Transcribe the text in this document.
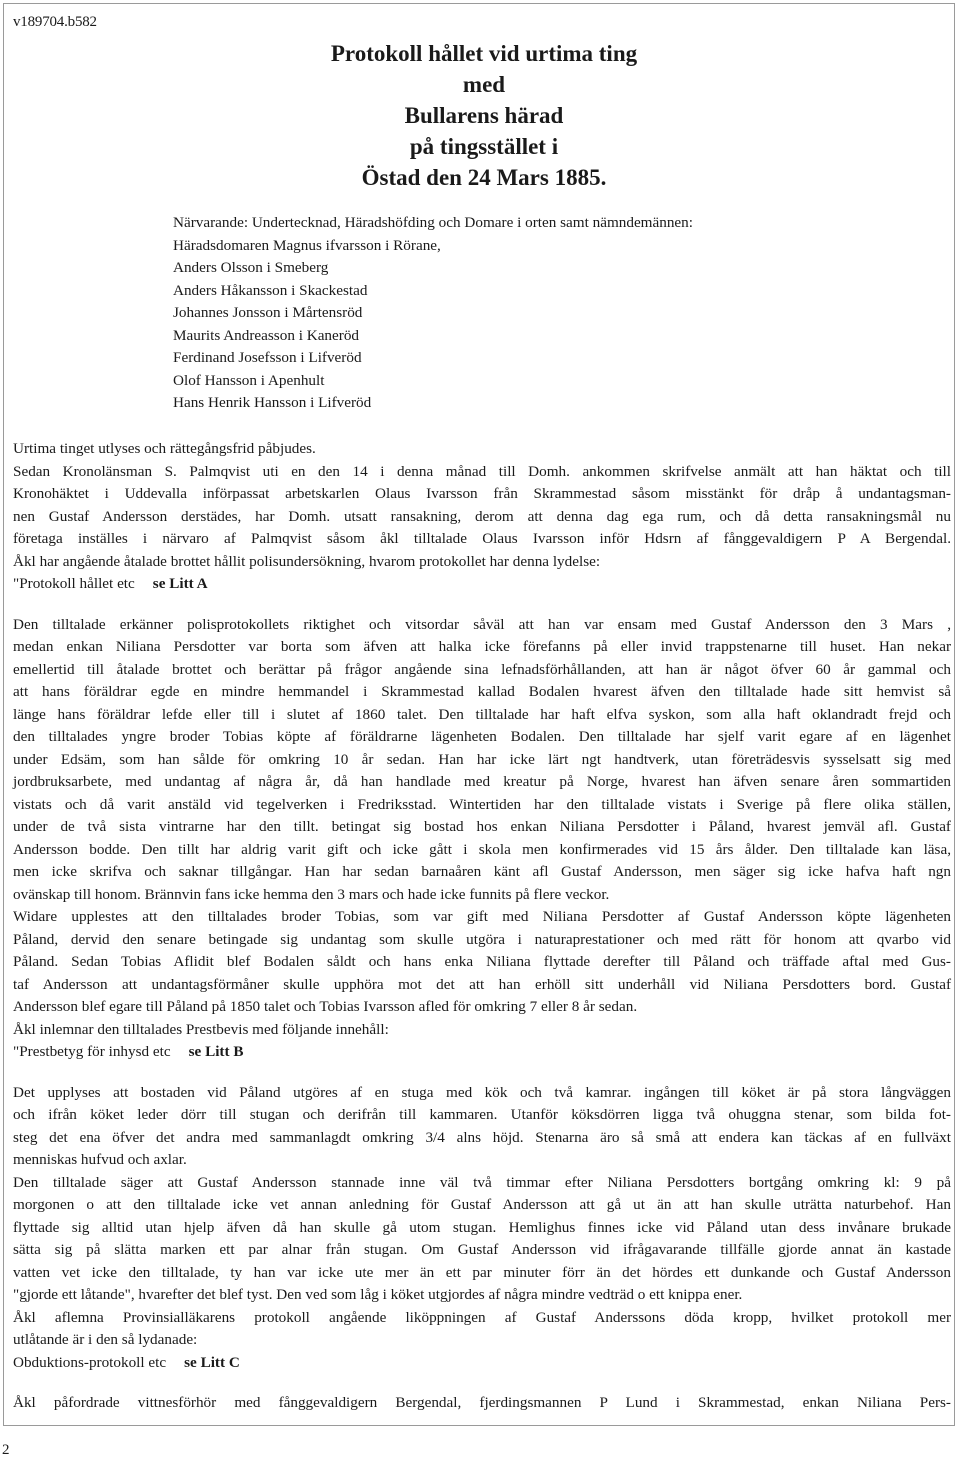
v189704.b582
Protokoll hållet vid urtima ting
med
Bullarens härad
på tingsstället i
Östad den 24 Mars 1885.
Närvarande: Undertecknad, Häradshöfding och Domare i orten samt nämndemännen:
Häradsdomaren Magnus ifvarsson i Rörane,
Anders Olsson i Smeberg
Anders Håkansson i Skackestad
Johannes Jonsson i Mårtensröd
Maurits Andreasson i Kaneröd
Ferdinand Josefsson i Lifveröd
Olof Hansson i Apenhult
Hans Henrik Hansson i Lifveröd
Urtima tinget utlyses och rättegångsfrid påbjudes.
Sedan Kronolänsman S. Palmqvist uti en den 14 i denna månad till Domh. ankommen skrifvelse anmält att han häktat och till
Kronohäktet i Uddevalla införpassat arbetskarlen Olaus Ivarsson från Skrammestad såsom misstänkt för dråp å undantagsman-
nen Gustaf Andersson derstädes, har Domh. utsatt ransakning, derom att denna dag ega rum, och då detta ransakningsmål nu
företaga inställes i närvaro af Palmqvist såsom åkl tilltalade Olaus Ivarsson inför Hdsrn af fånggevaldigern P A Bergendal.
Åkl har angående åtalade brottet hållit polisundersökning, hvarom protokollet har denna lydelse:
"Protokoll hållet etc se Litt A
Den tilltalade erkänner polisprotokollets riktighet och vitsordar såväl att han var ensam med Gustaf Andersson den 3 Mars ,
medan enkan Niliana Persdotter var borta som äfven att halka icke förefanns på eller invid trappstenarne till huset. Han nekar
emellertid till åtalade brottet och berättar på frågor angående sina lefnadsförhållanden, att han är något öfver 60 år gammal och
att hans föräldrar egde en mindre hemmandel i Skrammestad kallad Bodalen hvarest äfven den tilltalade hade sitt hemvist så
länge hans föräldrar lefde eller till i slutet af 1860 talet. Den tilltalade har haft elfva syskon, som alla haft oklandradt frejd och
den tilltalades yngre broder Tobias köpte af föräldrarne lägenheten Bodalen. Den tilltalade har sjelf varit egare af en lägenhet
under Edsäm, som han sålde för omkring 10 år sedan. Han har icke lärt ngt handtverk, utan företrädesvis sysselsatt sig med
jordbruksarbete, med undantag af några år, då han handlade med kreatur på Norge, hvarest han äfven senare åren sommartiden
vistats och då varit anstäld vid tegelverken i Fredriksstad. Wintertiden har den tilltalade vistats i Sverige på flere olika ställen,
under de två sista vintrarne har den tillt. betingat sig bostad hos enkan Niliana Persdotter i Påland, hvarest jemväl afl. Gustaf
Andersson bodde. Den tillt har aldrig varit gift och icke gått i skola men konfirmerades vid 15 års ålder. Den tilltalade kan läsa,
men icke skrifva och saknar tillgångar. Han har sedan barnaåren känt afl Gustaf Andersson, men säger sig icke hafva haft ngn
ovänskap till honom. Brännvin fans icke hemma den 3 mars och hade icke funnits på flere veckor.
Widare upplestes att den tilltalades broder Tobias, som var gift med Niliana Persdotter af Gustaf Andersson köpte lägenheten
Påland, dervid den senare betingade sig undantag som skulle utgöra i naturaprestationer och med rätt för honom att qvarbo vid
Påland. Sedan Tobias Aflidit blef Bodalen såldt och hans enka Niliana flyttade derefter till Påland och träffade aftal med Gus-
taf Andersson att undantagsförmåner skulle upphöra mot det att han erhöll sitt underhåll vid Niliana Persdotters bord. Gustaf
Andersson blef egare till Påland på 1850 talet och Tobias Ivarsson afled för omkring 7 eller 8 år sedan.
Åkl inlemnar den tilltalades Prestbevis med följande innehåll:
"Prestbetyg för inhysd etc se Litt B
Det upplyses att bostaden vid Påland utgöres af en stuga med kök och två kamrar. ingången till köket är på stora långväggen
och ifrån köket leder dörr till stugan och derifrån till kammaren. Utanför köksdörren ligga två ohuggna stenar, som bilda fot-
steg det ena öfver det andra med sammanlagdt omkring 3/4 alns höjd. Stenarna äro så små att endera kan täckas af en fullväxt
menniskas hufvud och axlar.
Den tilltalade säger att Gustaf Andersson stannade inne väl två timmar efter Niliana Persdotters bortgång omkring kl: 9 på
morgonen o att den tilltalade icke vet annan anledning för Gustaf Andersson att gå ut än att han skulle uträtta naturbehof. Han
flyttade sig alltid utan hjelp äfven då han skulle gå utom stugan. Hemlighus finnes icke vid Påland utan dess invånare brukade
sätta sig på slätta marken ett par alnar från stugan. Om Gustaf Andersson vid ifrågavarande tillfälle gjorde annat än kastade
vatten vet icke den tilltalade, ty han var icke ute mer än ett par minuter förr än det hördes ett dunkande och Gustaf Andersson
"gjorde ett låtande", hvarefter det blef tyst. Den ved som låg i köket utgjordes af några mindre vedträd o ett knippa ener.
Åkl aflemna Provinsialläkarens protokoll angående liköppningen af Gustaf Anderssons döda kropp, hvilket protokoll mer
utlåtande är i den så lydanade:
Obduktions-protokoll etc se Litt C
Åkl påfordrade vittnesförhör med fånggevaldigern Bergendal, fjerdingsmannen P Lund i Skrammestad, enkan Niliana Pers-
2
